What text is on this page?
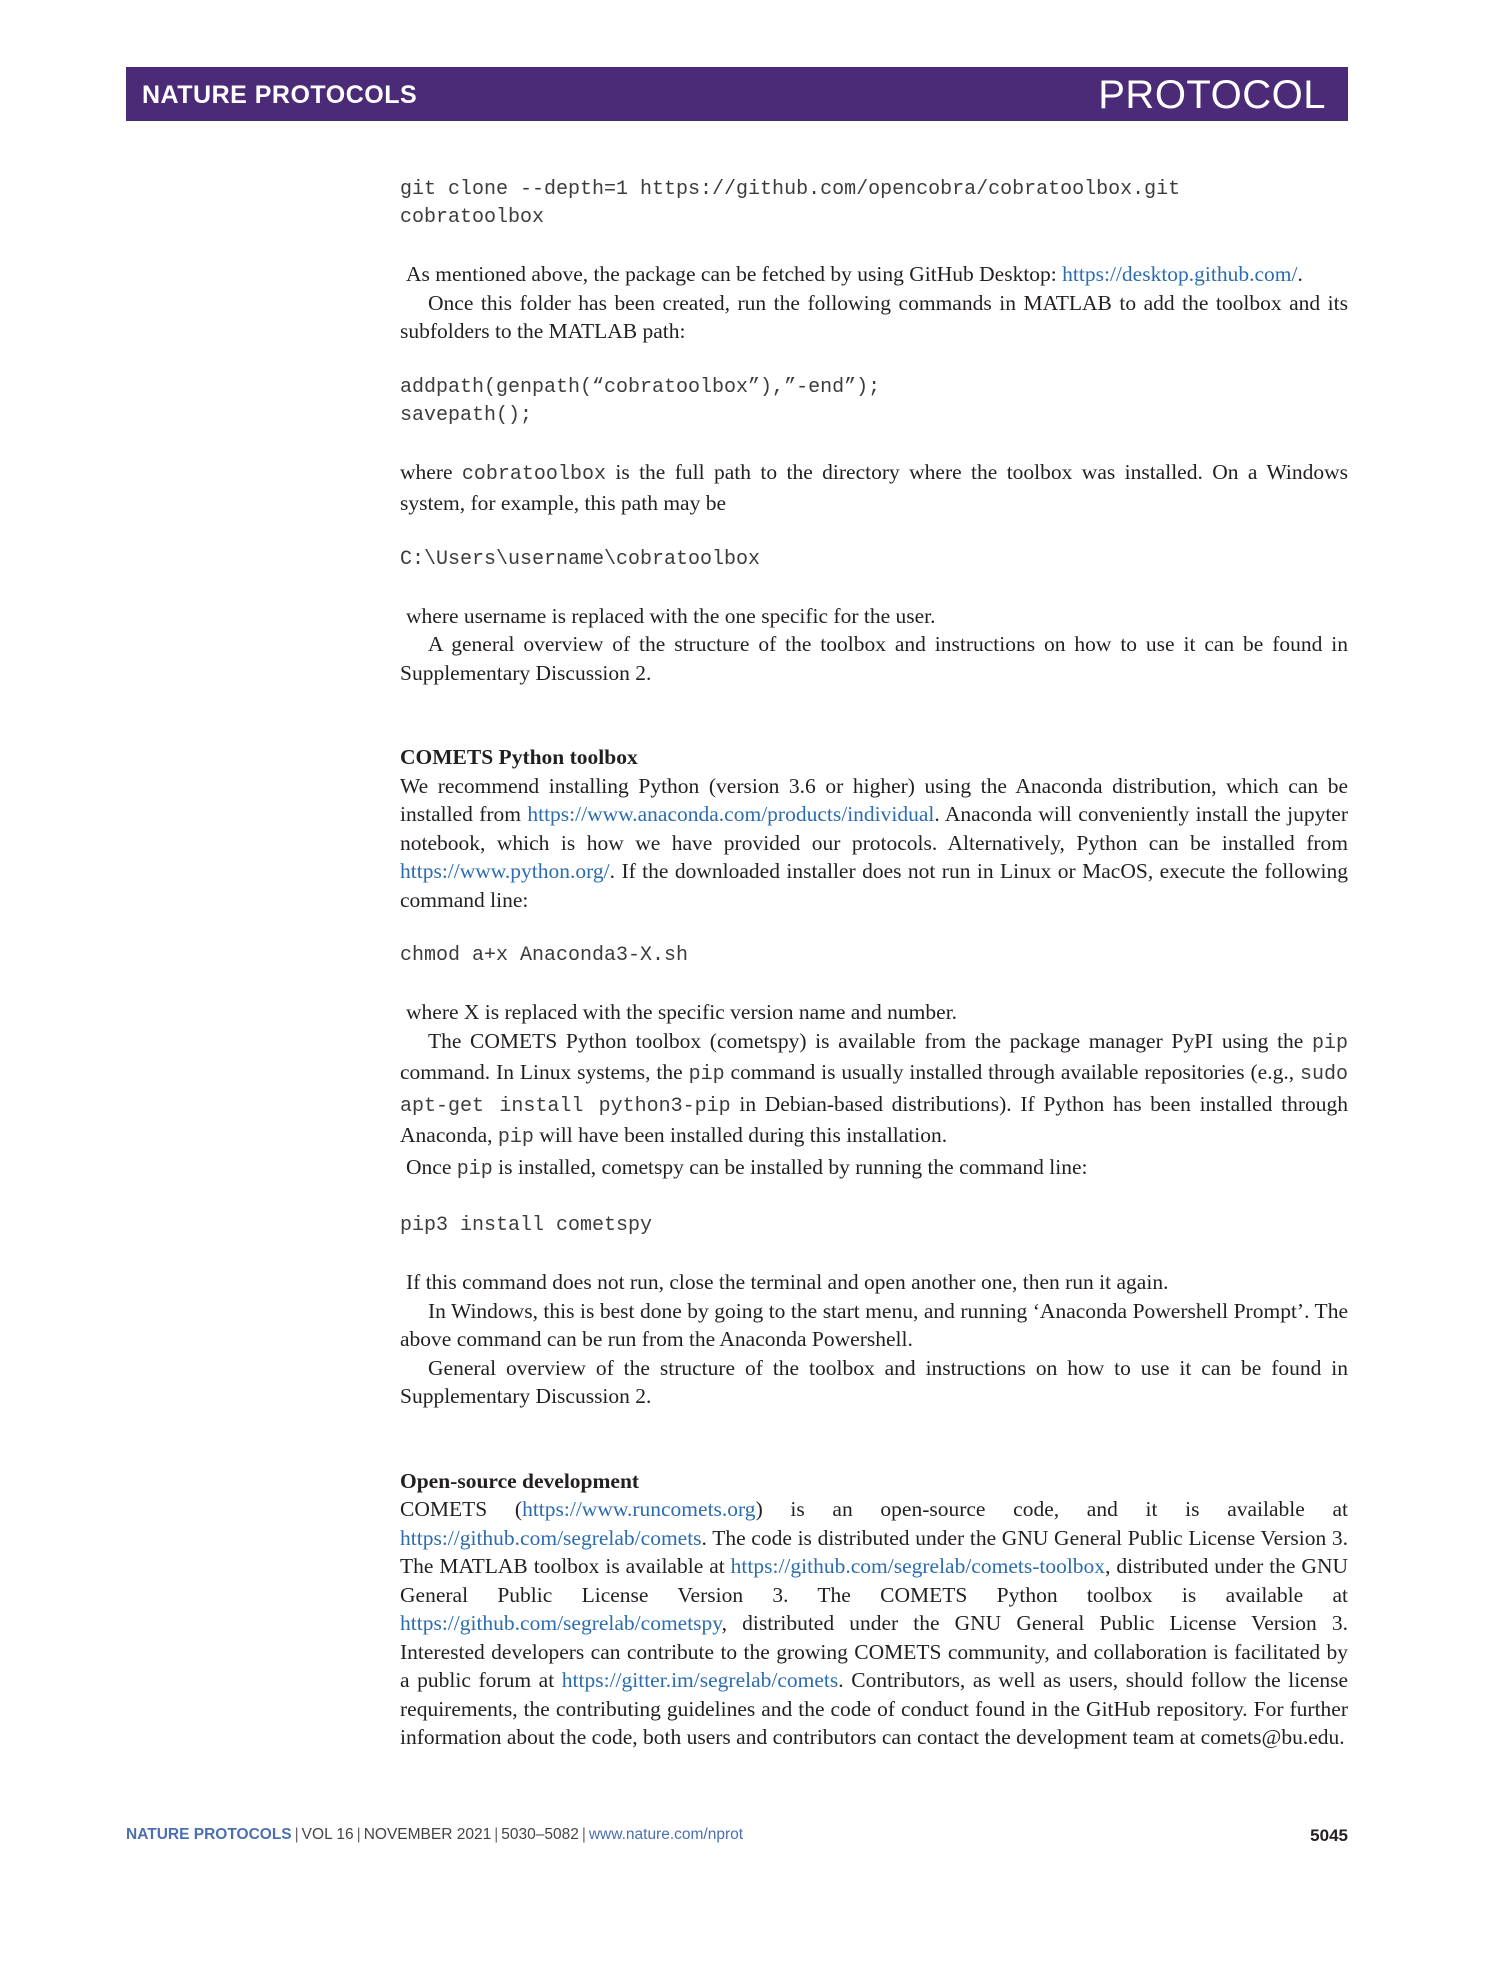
NATURE PROTOCOLS	PROTOCOL
git clone --depth=1 https://github.com/opencobra/cobratoolbox.git
cobratoolbox

As mentioned above, the package can be fetched by using GitHub Desktop: https://desktop.github.com/.

Once this folder has been created, run the following commands in MATLAB to add the toolbox and its subfolders to the MATLAB path:

addpath(genpath(“cobratoolbox”),”-end”);
savepath();

where cobratoolbox is the full path to the directory where the toolbox was installed. On a Windows system, for example, this path may be

C:\Users\username\cobratoolbox

where username is replaced with the one specific for the user.

A general overview of the structure of the toolbox and instructions on how to use it can be found in Supplementary Discussion 2.

COMETS Python toolbox

We recommend installing Python (version 3.6 or higher) using the Anaconda distribution, which can be installed from https://www.anaconda.com/products/individual. Anaconda will conveniently install the jupyter notebook, which is how we have provided our protocols. Alternatively, Python can be installed from https://www.python.org/. If the downloaded installer does not run in Linux or MacOS, execute the following command line:

chmod a+x Anaconda3-X.sh

where X is replaced with the specific version name and number.

The COMETS Python toolbox (cometspy) is available from the package manager PyPI using the pip command. In Linux systems, the pip command is usually installed through available repositories (e.g., sudo apt-get install python3-pip in Debian-based distributions). If Python has been installed through Anaconda, pip will have been installed during this installation.

Once pip is installed, cometspy can be installed by running the command line:

pip3 install cometspy

If this command does not run, close the terminal and open another one, then run it again.

In Windows, this is best done by going to the start menu, and running ‘Anaconda Powershell Prompt’. The above command can be run from the Anaconda Powershell.

General overview of the structure of the toolbox and instructions on how to use it can be found in Supplementary Discussion 2.

Open-source development

COMETS (https://www.runcomets.org) is an open-source code, and it is available at https://github.com/segrelab/comets. The code is distributed under the GNU General Public License Version 3. The MATLAB toolbox is available at https://github.com/segrelab/comets-toolbox, distributed under the GNU General Public License Version 3. The COMETS Python toolbox is available at https://github.com/segrelab/cometspy, distributed under the GNU General Public License Version 3. Interested developers can contribute to the growing COMETS community, and collaboration is facilitated by a public forum at https://gitter.im/segrelab/comets. Contributors, as well as users, should follow the license requirements, the contributing guidelines and the code of conduct found in the GitHub repository. For further information about the code, both users and contributors can contact the development team at comets@bu.edu.

NATURE PROTOCOLS | VOL 16 | NOVEMBER 2021 | 5030–5082 | www.nature.com/nprot	5045
